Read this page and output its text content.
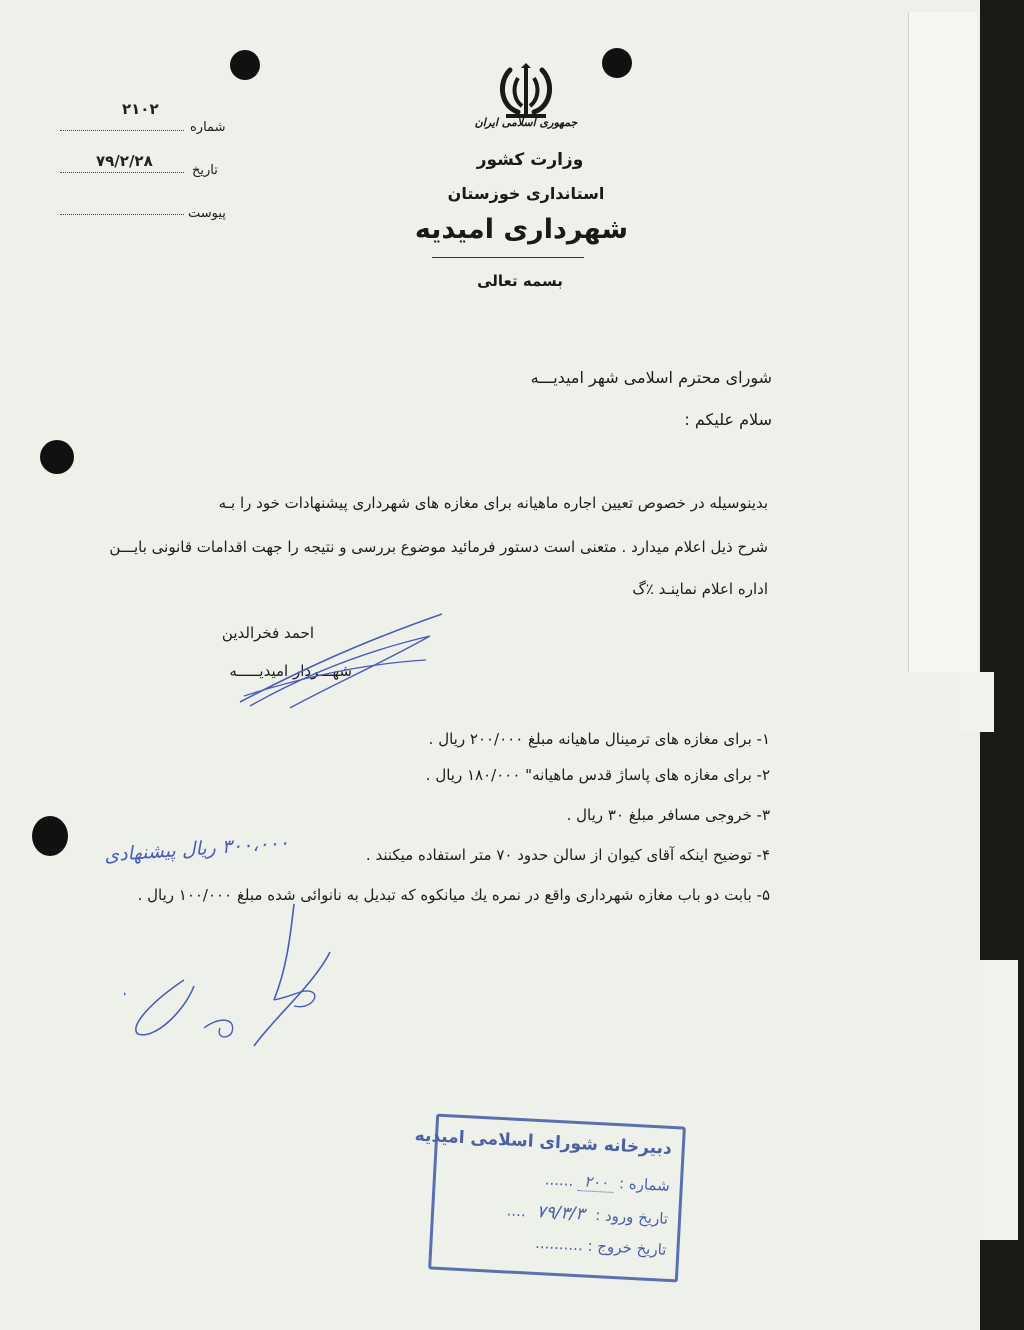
۲۱۰۲
شماره
۷۹/۲/۲۸
تاریخ
پیوست
جمهوری اسلامی ایران
وزارت کشور
استانداری خوزستان
شهرداری امیدیه
بسمه تعالی
شورای محترم اسلامی شهر امیدیـــه
سلام علیکم :
بدینوسیله در خصوص تعیین اجاره ماهیانه برای مغازه های شهرداری پیشنهادات خود را بـه
شرح ذیل اعلام میدارد . متعنی است دستور فرمائید موضوع بررسی و نتیجه را جهت اقدامات قانونی بایـــن
اداره اعلام نماینـد ٪گ
احمد فخرالدین
شهـــردار امیدیـــــه
۱- برای مغازه های ترمینال ماهیانه مبلغ ۲۰۰/۰۰۰ ریال .
۲- برای مغازه های پاساژ قدس ماهیانه" ۱۸۰/۰۰۰ ریال .
۳- خروجی مسافر مبلغ ۳۰ ریال .
۴- توضیح اینکه آقای کیوان از سالن حدود ۷۰ متر استفاده میکنند .
۵- بابت دو باب مغازه شهرداری واقع در نمره یك میانکوه که تبدیل به نانوائی شده مبلغ ۱۰۰/۰۰۰ ریال .
۳۰۰،۰۰۰ ریال پیشنهادی
دبیرخانه شورای اسلامی امیدیه
شماره : ۲۰۰ ......
تاریخ ورود : ۷۹/۳/۳ ....
تاریخ خروج : ..........
